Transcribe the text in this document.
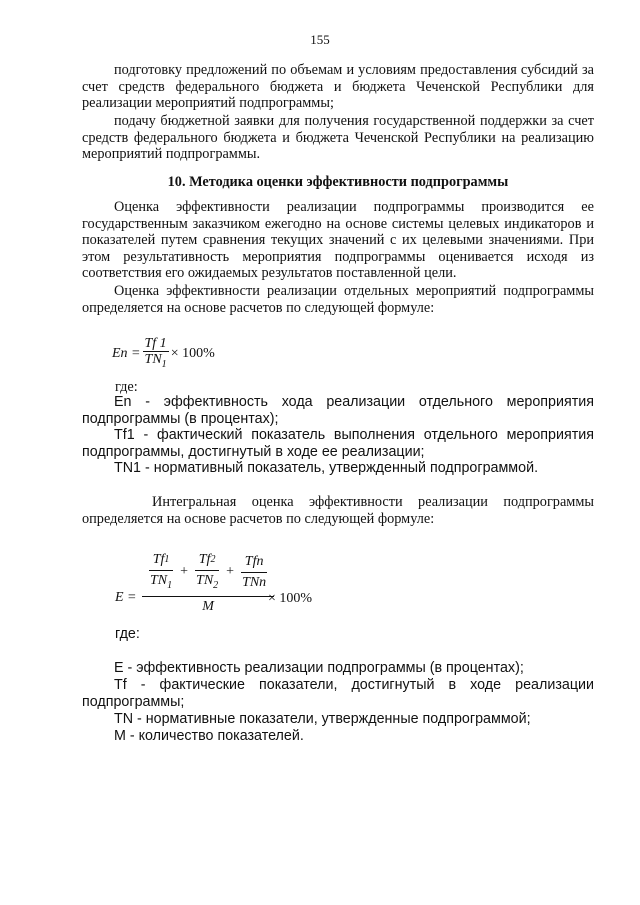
155
подготовку предложений по объемам и условиям предоставления субсидий за счет средств федерального бюджета и бюджета Чеченской Республики для реализации мероприятий подпрограммы;
подачу бюджетной заявки для получения государственной поддержки за счет средств федерального бюджета и бюджета Чеченской Республики на реализацию мероприятий подпрограммы.
10. Методика оценки эффективности подпрограммы
Оценка эффективности реализации подпрограммы производится ее государственным заказчиком ежегодно на основе системы целевых индикаторов и показателей путем сравнения текущих значений с их целевыми значениями. При этом результативность мероприятия подпрограммы оценивается исходя из соответствия его ожидаемых результатов поставленной цели.
Оценка эффективности реализации отдельных мероприятий подпрограммы определяется на основе расчетов по следующей формуле:
$En = \frac{Tf 1}{TN_1} \times 100\%$
где:
En - эффективность хода реализации отдельного мероприятия подпрограммы (в процентах);
Tf1 - фактический показатель выполнения отдельного мероприятия подпрограммы, достигнутый в ходе ее реализации;
TN1 - нормативный показатель, утвержденный подпрограммой.
Интегральная оценка эффективности реализации подпрограммы определяется на основе расчетов по следующей формуле:
E =
$\frac{Tf 1}{TN_1} + \frac{Tf 2}{TN_2} + \frac{\text{Tfn}}{\text{TNn}}$
M
× 100%
где:
E - эффективность реализации подпрограммы (в процентах);
Tf - фактические показатели, достигнутый в ходе реализации подпрограммы;
TN - нормативные показатели, утвержденные подпрограммой;
M - количество показателей.
